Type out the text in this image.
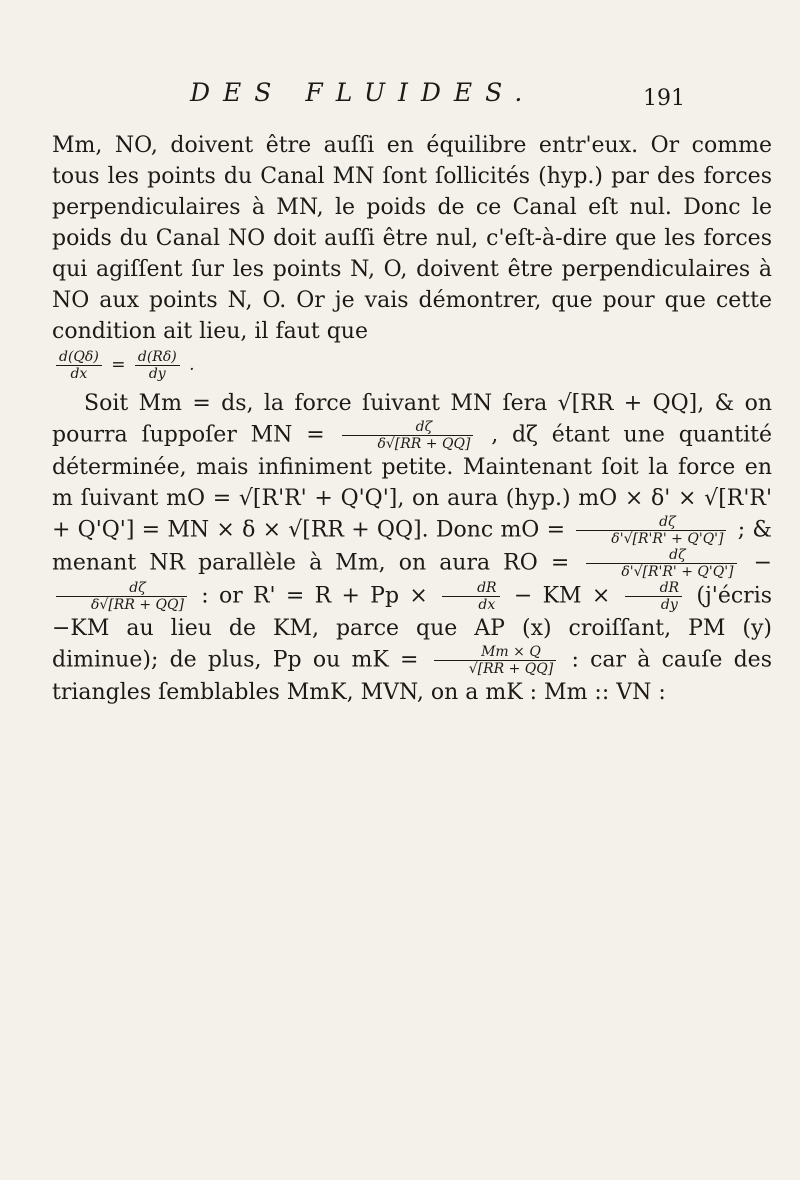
DES FLUIDES.	191

Mm, NO, doivent être auſſi en équilibre entr'eux. Or comme tous les points du Canal MN ſont ſollicités (hyp.) par des forces perpendiculaires à MN, le poids de ce Canal eſt nul. Donc le poids du Canal NO doit auſſi être nul, c'eſt-à-dire que les forces qui agiſſent ſur les points N, O, doivent être perpendiculaires à NO aux points N, O. Or je vais démontrer, que pour que cette condition ait lieu, il faut que

$\frac{d(Q\delta)}{dx} = \frac{d(R\delta)}{dy}$ .

Soit Mm = ds, la force ſuivant MN ſera √[RR + QQ], & on pourra ſuppoſer MN = $\frac{d\zeta}{\delta√[RR + QQ]}$ , dζ étant une quantité déterminée, mais infiniment petite. Maintenant ſoit la force en m ſuivant mO = √[R'R' + Q'Q'], on aura (hyp.) mO × δ' × √[R'R' + Q'Q'] = MN × δ × √[RR + QQ]. Donc mO = $\frac{d\zeta}{\delta'√[R'R' + Q'Q']}$ ; & menant NR parallèle à Mm, on aura RO = $\frac{d\zeta}{\delta'√[R'R' + Q'Q']}$ −
$\frac{d\zeta}{\delta√[RR + QQ]}$ : or $R' = R + Pp \times \frac{dR}{dx}$ − KM × $\frac{dR}{dy}$ (j'écris −KM au lieu de KM, parce que AP (x) croiſſant, PM (y) diminue); de plus, Pp ou mK = $\frac{Mm \times Q}{√[RR + QQ]}$ : car à cauſe des triangles ſemblables MmK, MVN, on a mK : Mm :: VN :
